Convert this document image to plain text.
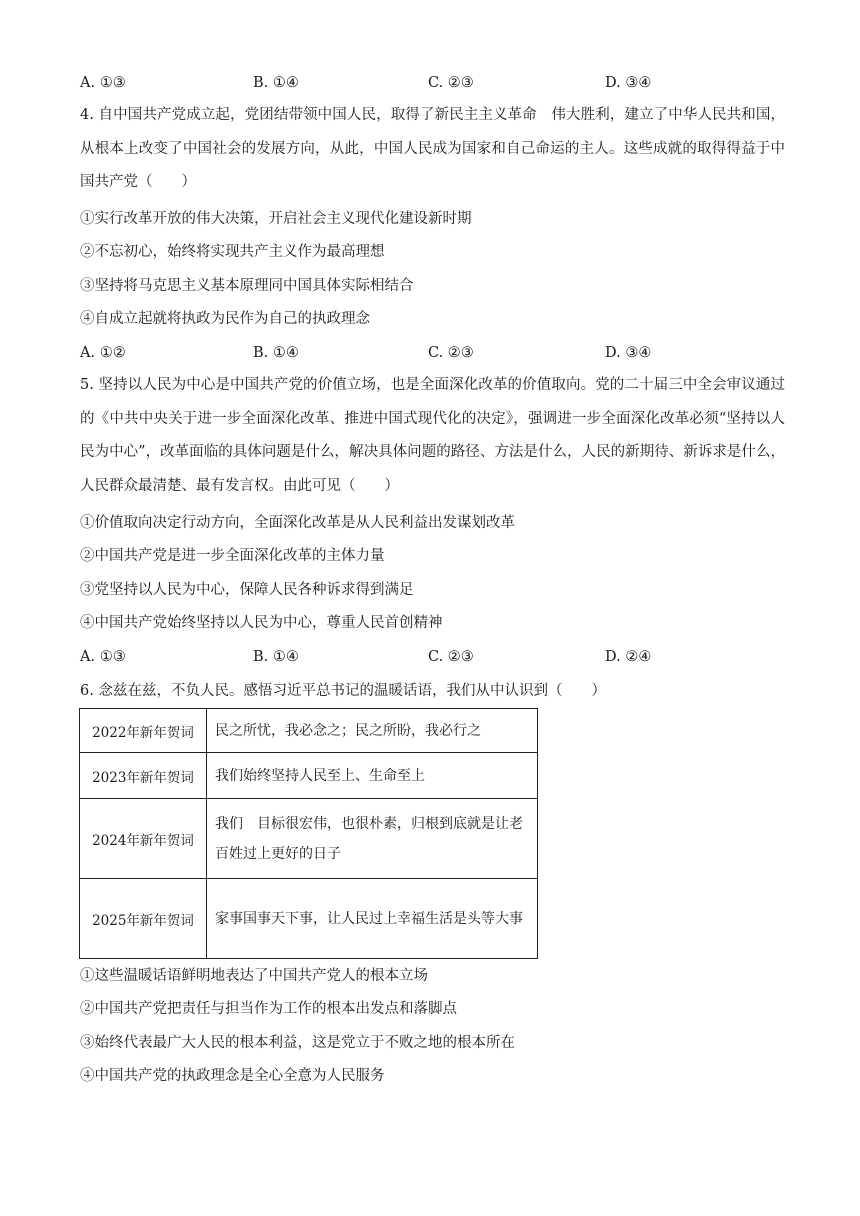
A. ①③	B. ①④	C. ②③	D. ③④
4. 自中国共产党成立起，党团结带领中国人民，取得了新民主主义革命　伟大胜利，建立了中华人民共和国，从根本上改变了中国社会的发展方向，从此，中国人民成为国家和自己命运的主人。这些成就的取得得益于中国共产党（　　）
①实行改革开放的伟大决策，开启社会主义现代化建设新时期
②不忘初心，始终将实现共产主义作为最高理想
③坚持将马克思主义基本原理同中国具体实际相结合
④自成立起就将执政为民作为自己的执政理念
A. ①②	B. ①④	C. ②③	D. ③④
5. 坚持以人民为中心是中国共产党的价值立场，也是全面深化改革的价值取向。党的二十届三中全会审议通过的《中共中央关于进一步全面深化改革、推进中国式现代化的决定》，强调进一步全面深化改革必须“坚持以人民为中心”，改革面临的具体问题是什么，解决具体问题的路径、方法是什么，人民的新期待、新诉求是什么，人民群众最清楚、最有发言权。由此可见（　　）
①价值取向决定行动方向，全面深化改革是从人民利益出发谋划改革
②中国共产党是进一步全面深化改革的主体力量
③党坚持以人民为中心，保障人民各种诉求得到满足
④中国共产党始终坚持以人民为中心，尊重人民首创精神
A. ①③	B. ①④	C. ②③	D. ②④
6. 念兹在兹，不负人民。感悟习近平总书记的温暖话语，我们从中认识到（　　）
2022年新年贺词	民之所忧，我必念之；民之所盼，我必行之
2023年新年贺词	我们始终坚持人民至上、生命至上
2024年新年贺词	我们　目标很宏伟，也很朴素，归根到底就是让老百姓过上更好的日子
2025年新年贺词	家事国事天下事，让人民过上幸福生活是头等大事
①这些温暖话语鲜明地表达了中国共产党人的根本立场
②中国共产党把责任与担当作为工作的根本出发点和落脚点
③始终代表最广大人民的根本利益，这是党立于不败之地的根本所在
④中国共产党的执政理念是全心全意为人民服务
